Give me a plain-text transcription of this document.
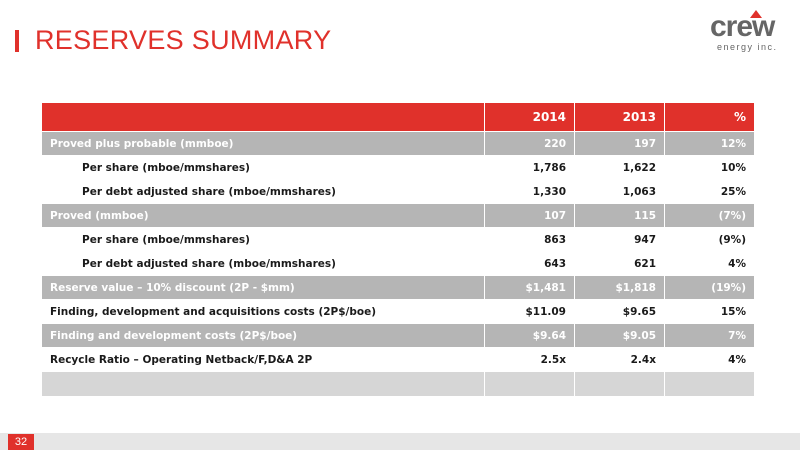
RESERVES SUMMARY	crew
energy inc.
	2014	2013	%
Proved plus probable (mmboe)	220	197	12%
Per share (mboe/mmshares)	1,786	1,622	10%
Per debt adjusted share (mboe/mmshares)	1,330	1,063	25%
Proved (mmboe)	107	115	(7%)
Per share (mboe/mmshares)	863	947	(9%)
Per debt adjusted share (mboe/mmshares)	643	621	4%
Reserve value – 10% discount (2P - $mm)	$1,481	$1,818	(19%)
Finding, development and acquisitions costs (2P$/boe)	$11.09	$9.65	15%
Finding and development costs (2P$/boe)	$9.64	$9.05	7%
Recycle Ratio – Operating Netback/F,D&A 2P	2.5x	2.4x	4%

32
